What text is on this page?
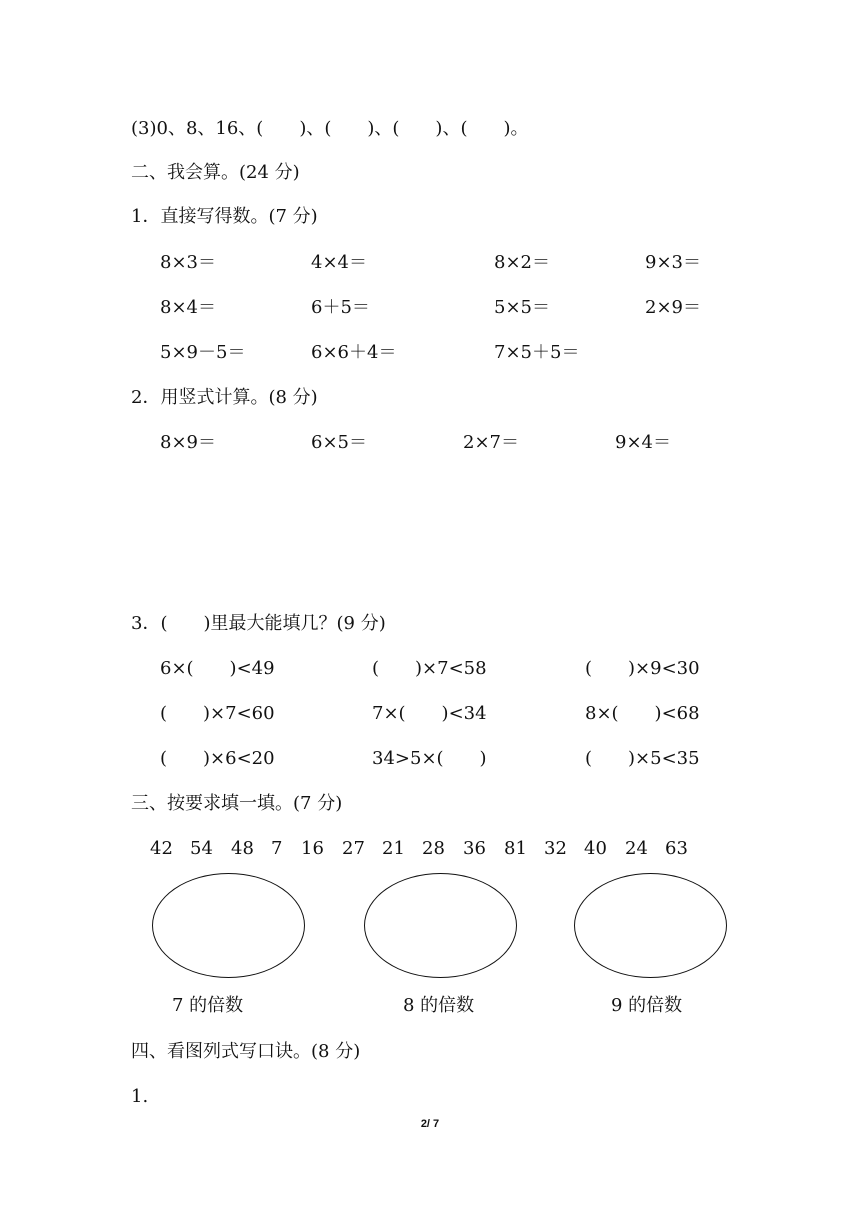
(3)0、8、16、(　　)、(　　)、(　　)、(　　)。
二、我会算。(24 分)
1．直接写得数。(7 分)
8×3＝	4×4＝	8×2＝	9×3＝
8×4＝	6＋5＝	5×5＝	2×9＝
5×9－5＝	6×6＋4＝	7×5＋5＝
2．用竖式计算。(8 分)
8×9＝	6×5＝	2×7＝	9×4＝
3．(　　)里最大能填几？(9 分)
6×(　　)<49	(　　)×7<58	(　　)×9<30
(　　)×7<60	7×(　　)<34	8×(　　)<68
(　　)×6<20	34>5×(　　)	(　　)×5<35
三、按要求填一填。(7 分)
42 54 48 7 16 27 21 28 36 81 32 40 24 63
7 的倍数	8 的倍数	9 的倍数
四、看图列式写口诀。(8 分)
1.
2/ 7
